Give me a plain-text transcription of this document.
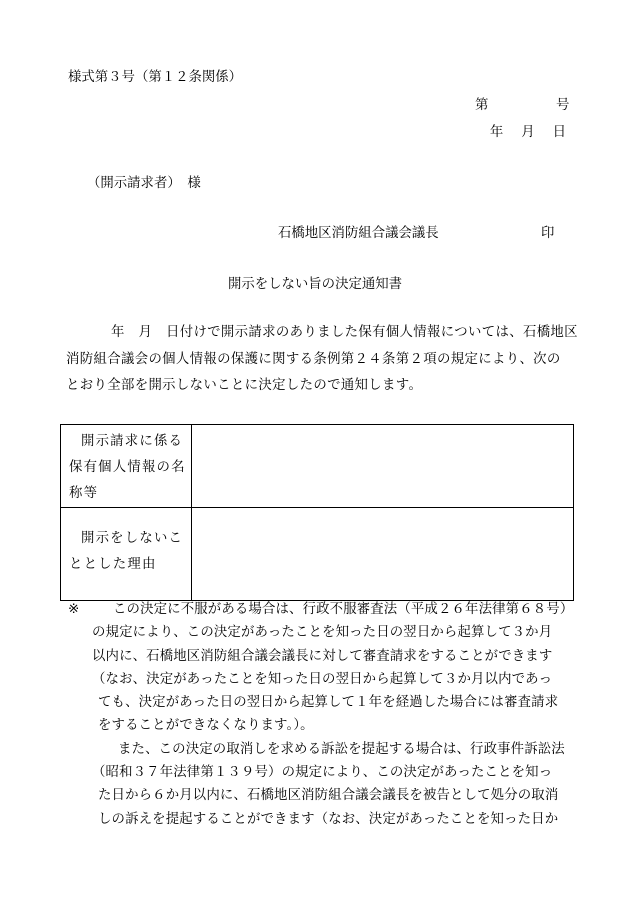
様式第３号（第１２条関係）
第	号
年 月 日
（開示請求者）　様
石橋地区消防組合議会議長	印
開示をしない旨の決定通知書
年　月　日付けで開示請求のありました保有個人情報については、石橋地区
消防組合議会の個人情報の保護に関する条例第２４条第２項の規定により、次の
とおり全部を開示しないことに決定したので通知します。
開示請求に係る
保有個人情報の名
称等	

開示をしないこ
ととした理由	

※	この決定に不服がある場合は、行政不服審査法（平成２６年法律第６８号）
の規定により、この決定があったことを知った日の翌日から起算して３か月
以内に、石橋地区消防組合議会議長に対して審査請求をすることができます
（なお、決定があったことを知った日の翌日から起算して３か月以内であっ
ても、決定があった日の翌日から起算して１年を経過した場合には審査請求
をすることができなくなります。）。
また、この決定の取消しを求める訴訟を提起する場合は、行政事件訴訟法
（昭和３７年法律第１３９号）の規定により、この決定があったことを知っ
た日から６か月以内に、石橋地区消防組合議会議長を被告として処分の取消
しの訴えを提起することができます（なお、決定があったことを知った日か
